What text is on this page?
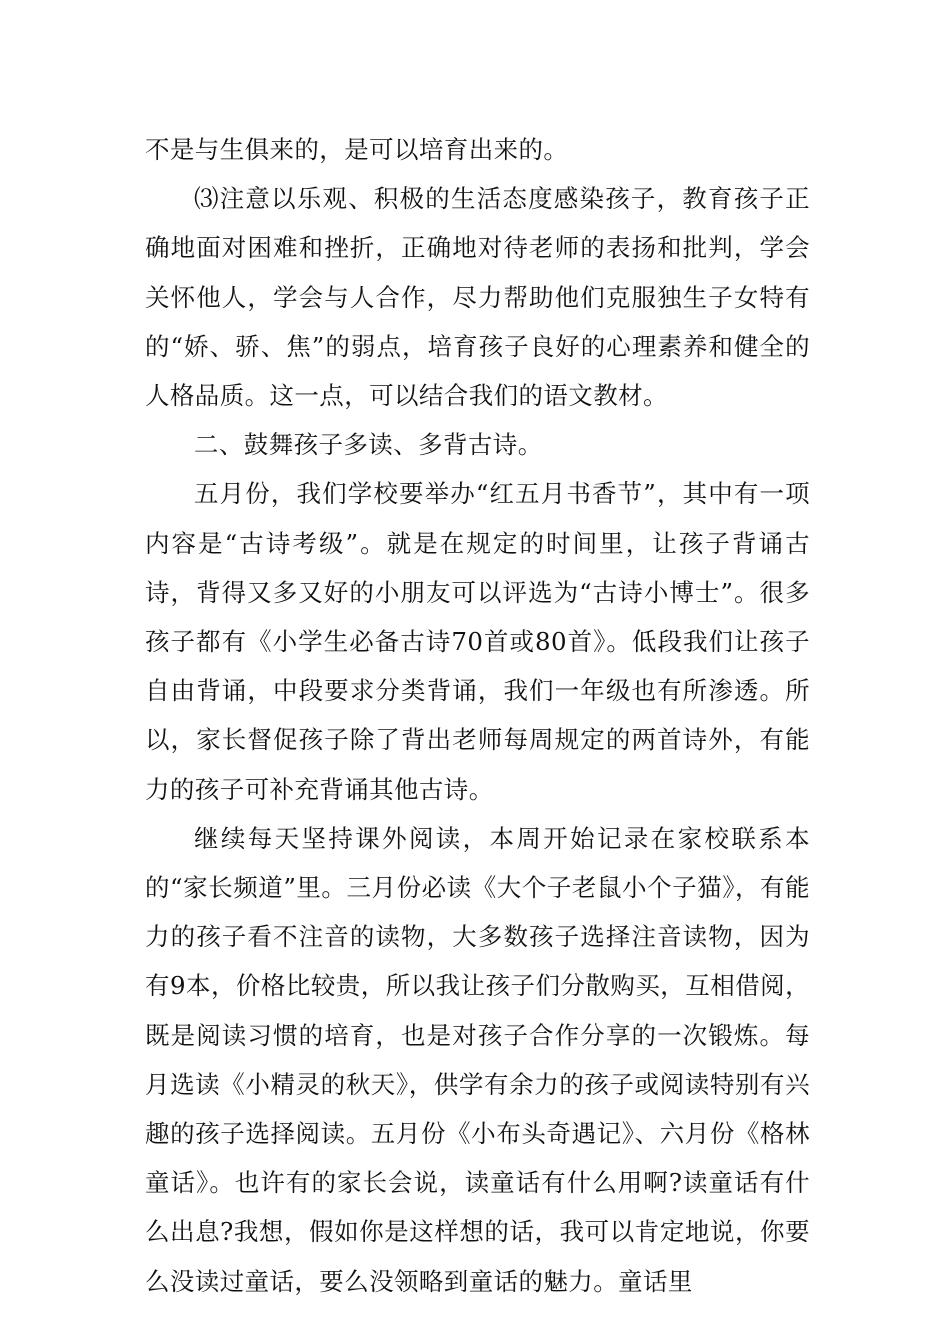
不是与生俱来的，是可以培育出来的。

⑶注意以乐观、积极的生活态度感染孩子，教育孩子正确地面对困难和挫折，正确地对待老师的表扬和批判，学会关怀他人，学会与人合作，尽力帮助他们克服独生子女特有的“娇、骄、焦”的弱点，培育孩子良好的心理素养和健全的人格品质。这一点，可以结合我们的语文教材。

二、鼓舞孩子多读、多背古诗。

五月份，我们学校要举办“红五月书香节”，其中有一项内容是“古诗考级”。就是在规定的时间里，让孩子背诵古诗，背得又多又好的小朋友可以评选为“古诗小博士”。很多孩子都有《小学生必备古诗70首或80首》。低段我们让孩子自由背诵，中段要求分类背诵，我们一年级也有所渗透。所以，家长督促孩子除了背出老师每周规定的两首诗外，有能力的孩子可补充背诵其他古诗。

继续每天坚持课外阅读，本周开始记录在家校联系本的“家长频道”里。三月份必读《大个子老鼠小个子猫》，有能力的孩子看不注音的读物，大多数孩子选择注音读物，因为有9本，价格比较贵，所以我让孩子们分散购买，互相借阅，既是阅读习惯的培育，也是对孩子合作分享的一次锻炼。每月选读《小精灵的秋天》，供学有余力的孩子或阅读特别有兴趣的孩子选择阅读。五月份《小布头奇遇记》、六月份《格林童话》。也许有的家长会说，读童话有什么用啊?读童话有什么出息?我想，假如你是这样想的话，我可以肯定地说，你要么没读过童话，要么没领略到童话的魅力。童话里
